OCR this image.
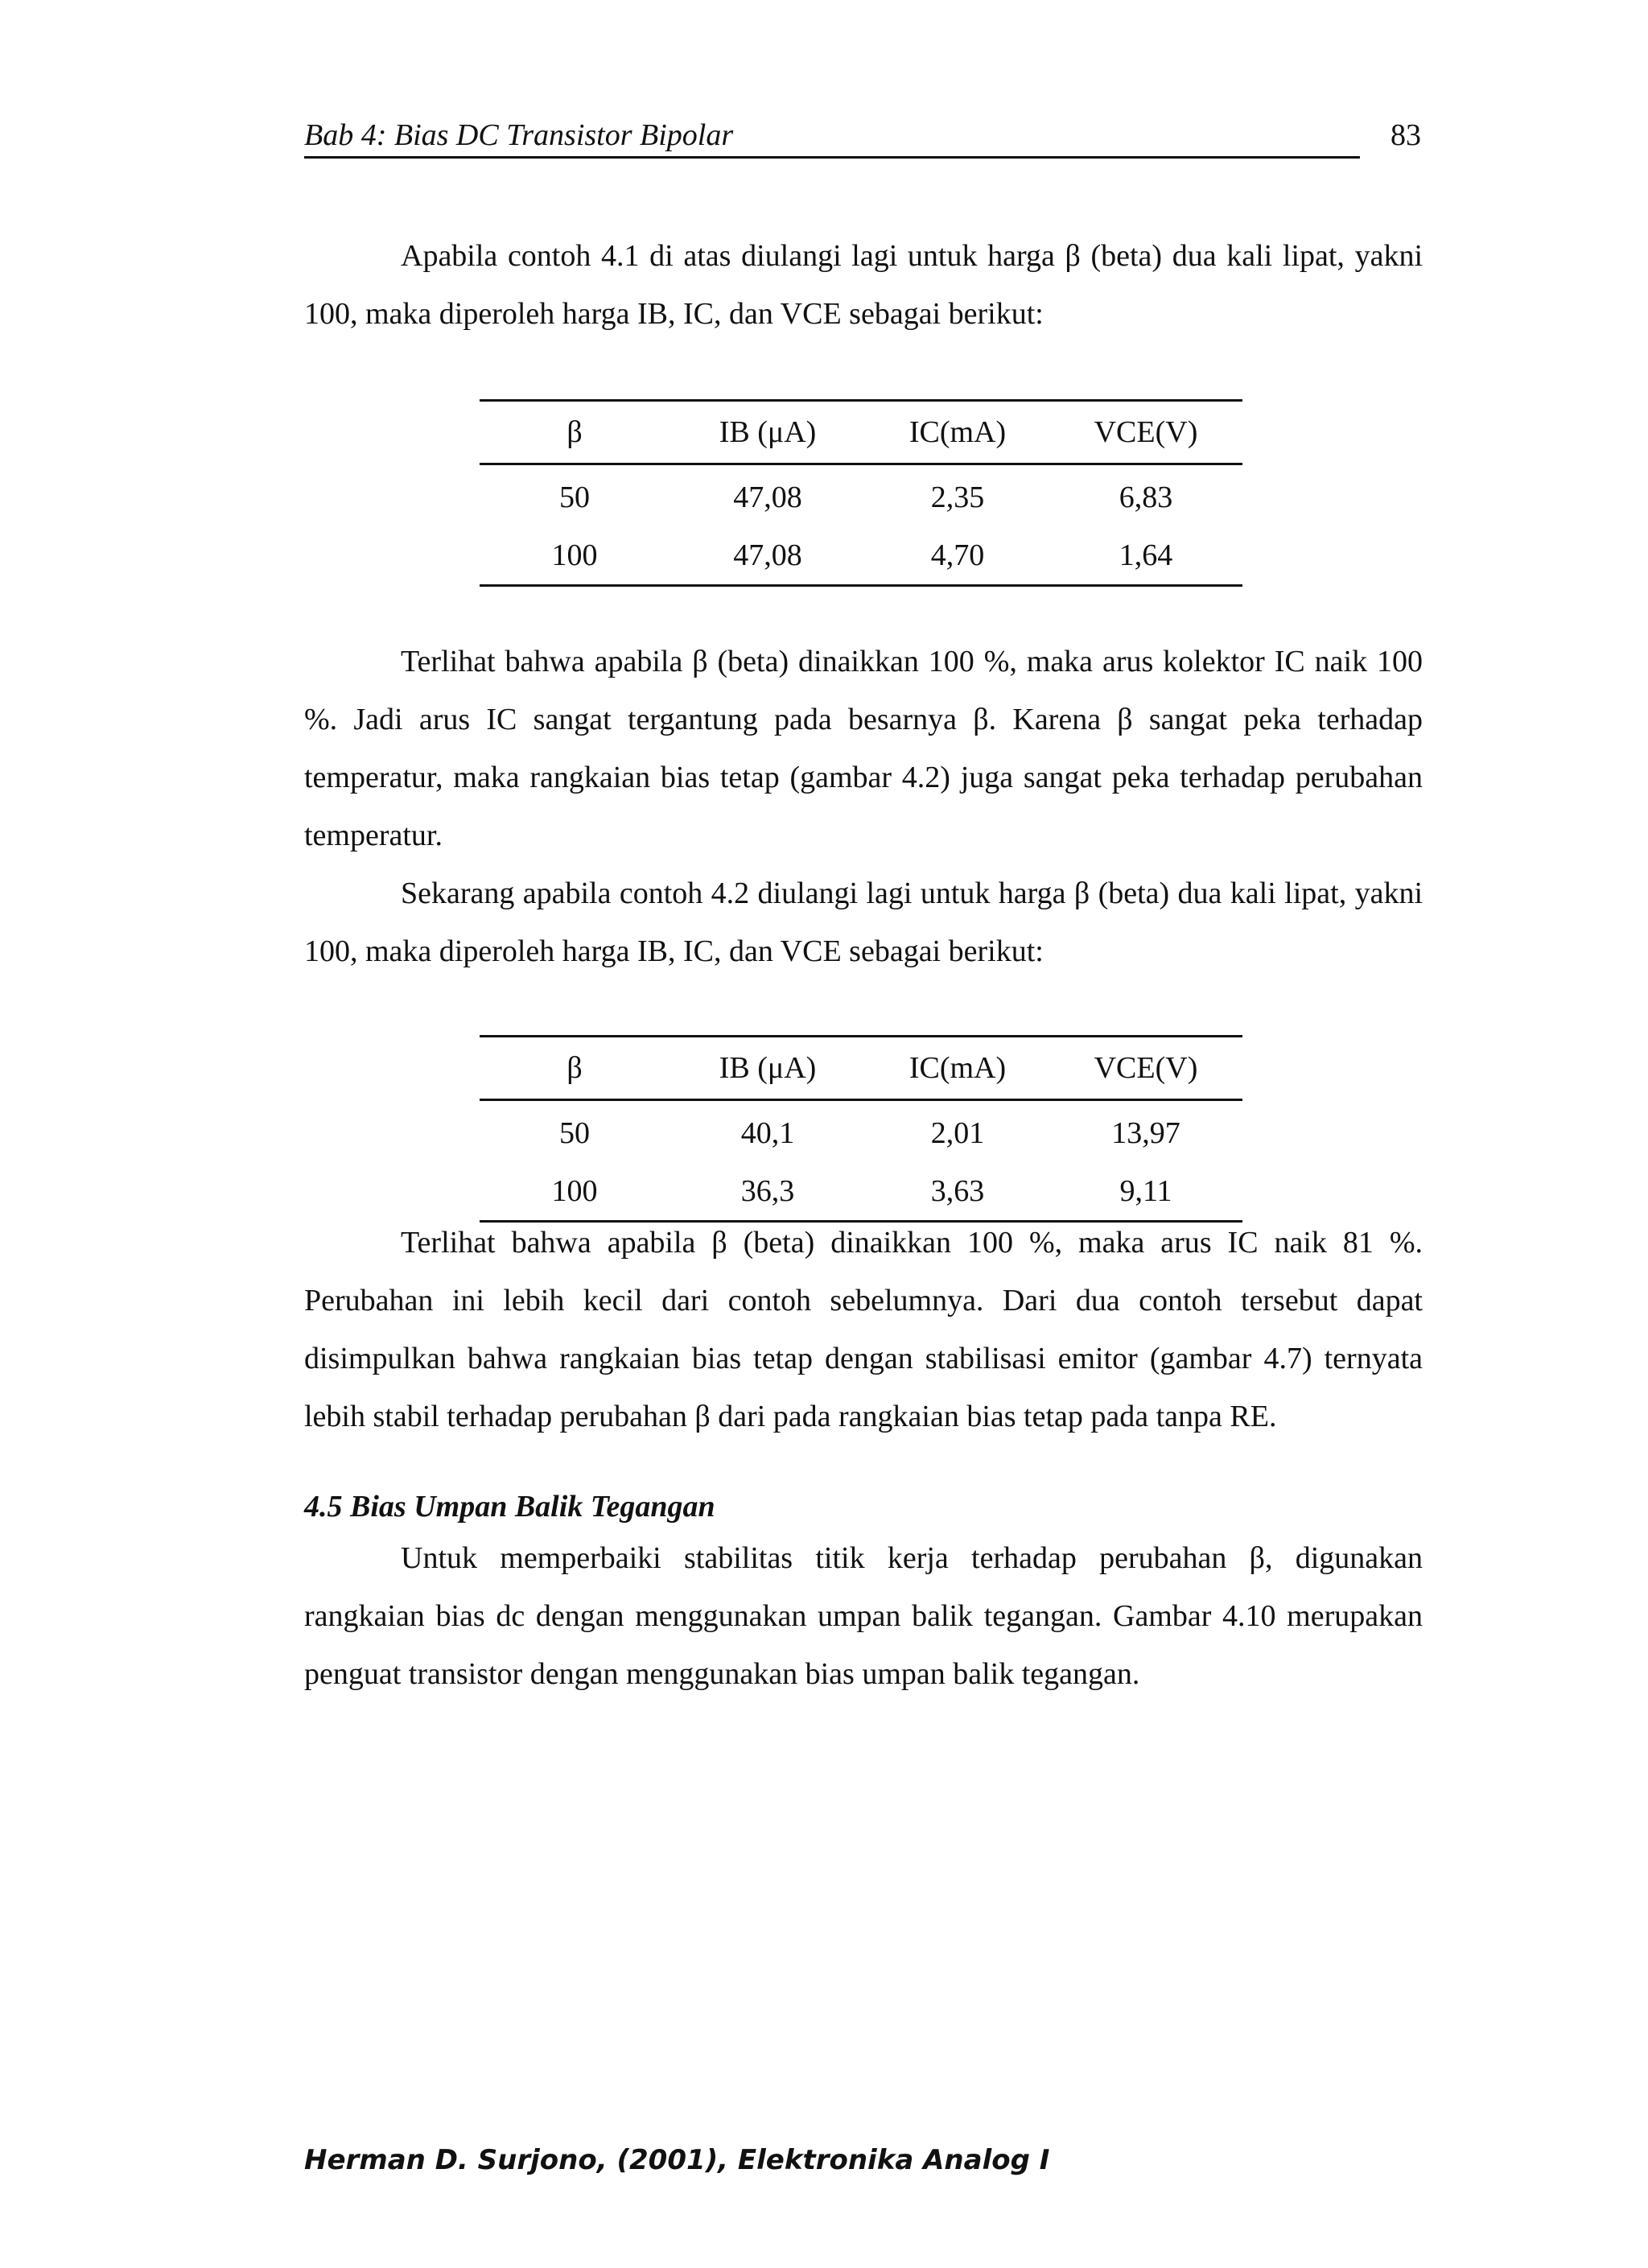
Bab 4: Bias DC Transistor Bipolar	83

Apabila contoh 4.1 di atas diulangi lagi untuk harga β (beta) dua kali lipat, yakni 100, maka diperoleh harga IB, IC, dan VCE sebagai berikut:

β	IB (μA)	IC(mA)	VCE(V)
50	47,08	2,35	6,83
100	47,08	4,70	1,64

Terlihat bahwa apabila β (beta) dinaikkan 100 %, maka arus kolektor IC naik 100 %. Jadi arus IC sangat tergantung pada besarnya β. Karena β sangat peka terhadap temperatur, maka rangkaian bias tetap (gambar 4.2) juga sangat peka terhadap perubahan temperatur.

Sekarang apabila contoh 4.2 diulangi lagi untuk harga β (beta) dua kali lipat, yakni 100, maka diperoleh harga IB, IC, dan VCE sebagai berikut:

β	IB (μA)	IC(mA)	VCE(V)
50	40,1	2,01	13,97
100	36,3	3,63	9,11

Terlihat bahwa apabila β (beta) dinaikkan 100 %, maka arus IC naik 81 %. Perubahan ini lebih kecil dari contoh sebelumnya. Dari dua contoh tersebut dapat disimpulkan bahwa rangkaian bias tetap dengan stabilisasi emitor (gambar 4.7) ternyata lebih stabil terhadap perubahan β dari pada rangkaian bias tetap pada tanpa RE.

4.5 Bias Umpan Balik Tegangan

Untuk memperbaiki stabilitas titik kerja terhadap perubahan β, digunakan rangkaian bias dc dengan menggunakan umpan balik tegangan. Gambar 4.10 merupakan penguat transistor dengan menggunakan bias umpan balik tegangan.

Herman D. Surjono, (2001), Elektronika Analog I
